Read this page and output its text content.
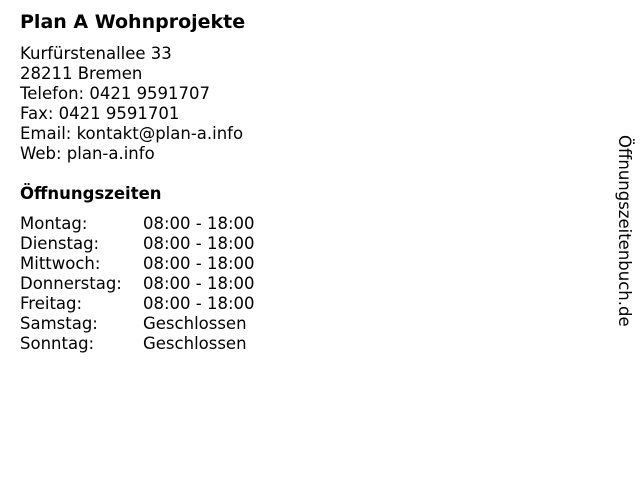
Plan A Wohnprojekte
Kurfürstenallee 33
28211 Bremen
Telefon: 0421 9591707
Fax: 0421 9591701
Email: kontakt@plan-a.info
Web: plan-a.info
Öffnungszeiten
Montag:	08:00 - 18:00
Dienstag:	08:00 - 18:00
Mittwoch:	08:00 - 18:00
Donnerstag: 08:00 - 18:00
Freitag:	08:00 - 18:00
Samstag:	Geschlossen
Sonntag:	Geschlossen
Öffnungszeitenbuch.de
